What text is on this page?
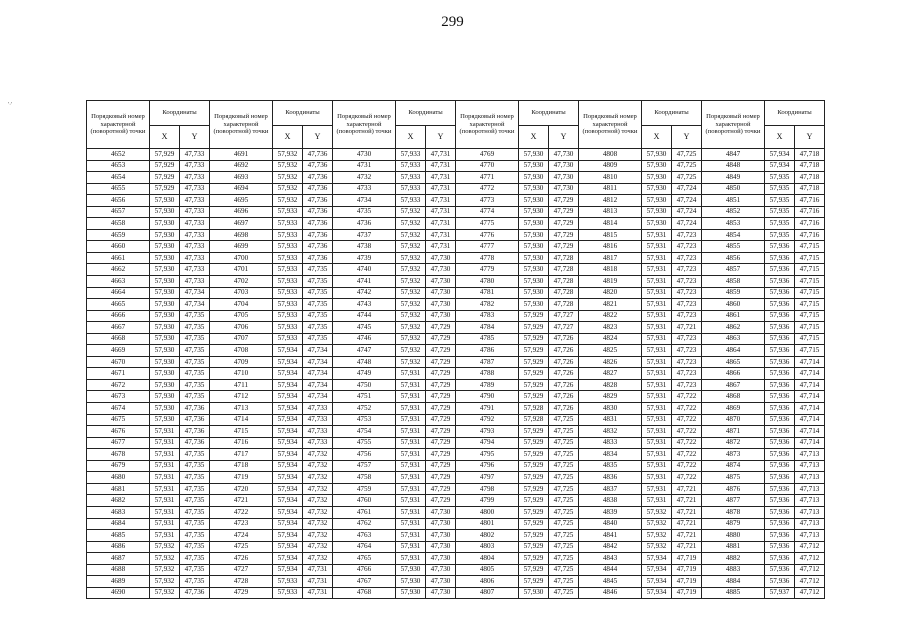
299
'·'
Порядковый номер характерной (поворотной) точки	Координаты		Порядковый номер характерной (поворотной) точки	Координаты		Порядковый номер характерной (поворотной) точки	Координаты		Порядковый номер характерной (поворотной) точки	Координаты		Порядковый номер характерной (поворотной) точки	Координаты		Порядковый номер характерной (поворотной) точки	Координаты	
	X	Y		X	Y		X	Y		X	Y		X	Y		X	Y
4652	57,929	47,733	4691	57,932	47,736	4730	57,933	47,731	4769	57,930	47,730	4808	57,930	47,725	4847	57,934	47,718
4653	57,929	47,733	4692	57,932	47,736	4731	57,933	47,731	4770	57,930	47,730	4809	57,930	47,725	4848	57,934	47,718
4654	57,929	47,733	4693	57,932	47,736	4732	57,933	47,731	4771	57,930	47,730	4810	57,930	47,725	4849	57,935	47,718
4655	57,929	47,733	4694	57,932	47,736	4733	57,933	47,731	4772	57,930	47,730	4811	57,930	47,724	4850	57,935	47,718
4656	57,930	47,733	4695	57,932	47,736	4734	57,933	47,731	4773	57,930	47,729	4812	57,930	47,724	4851	57,935	47,716
4657	57,930	47,733	4696	57,933	47,736	4735	57,932	47,731	4774	57,930	47,729	4813	57,930	47,724	4852	57,935	47,716
4658	57,930	47,733	4697	57,933	47,736	4736	57,932	47,731	4775	57,930	47,729	4814	57,930	47,724	4853	57,935	47,716
4659	57,930	47,733	4698	57,933	47,736	4737	57,932	47,731	4776	57,930	47,729	4815	57,931	47,723	4854	57,935	47,716
4660	57,930	47,733	4699	57,933	47,736	4738	57,932	47,731	4777	57,930	47,729	4816	57,931	47,723	4855	57,936	47,715
4661	57,930	47,733	4700	57,933	47,736	4739	57,932	47,730	4778	57,930	47,728	4817	57,931	47,723	4856	57,936	47,715
4662	57,930	47,733	4701	57,933	47,735	4740	57,932	47,730	4779	57,930	47,728	4818	57,931	47,723	4857	57,936	47,715
4663	57,930	47,733	4702	57,933	47,735	4741	57,932	47,730	4780	57,930	47,728	4819	57,931	47,723	4858	57,936	47,715
4664	57,930	47,734	4703	57,933	47,735	4742	57,932	47,730	4781	57,930	47,728	4820	57,931	47,723	4859	57,936	47,715
4665	57,930	47,734	4704	57,933	47,735	4743	57,932	47,730	4782	57,930	47,728	4821	57,931	47,723	4860	57,936	47,715
4666	57,930	47,735	4705	57,933	47,735	4744	57,932	47,730	4783	57,929	47,727	4822	57,931	47,723	4861	57,936	47,715
4667	57,930	47,735	4706	57,933	47,735	4745	57,932	47,729	4784	57,929	47,727	4823	57,931	47,721	4862	57,936	47,715
4668	57,930	47,735	4707	57,933	47,735	4746	57,932	47,729	4785	57,929	47,726	4824	57,931	47,723	4863	57,936	47,715
4669	57,930	47,735	4708	57,934	47,734	4747	57,932	47,729	4786	57,929	47,726	4825	57,931	47,723	4864	57,936	47,715
4670	57,930	47,735	4709	57,934	47,734	4748	57,932	47,729	4787	57,929	47,726	4826	57,931	47,723	4865	57,936	47,714
4671	57,930	47,735	4710	57,934	47,734	4749	57,931	47,729	4788	57,929	47,726	4827	57,931	47,723	4866	57,936	47,714
4672	57,930	47,735	4711	57,934	47,734	4750	57,931	47,729	4789	57,929	47,726	4828	57,931	47,723	4867	57,936	47,714
4673	57,930	47,735	4712	57,934	47,734	4751	57,931	47,729	4790	57,929	47,726	4829	57,931	47,722	4868	57,936	47,714
4674	57,930	47,736	4713	57,934	47,733	4752	57,931	47,729	4791	57,928	47,726	4830	57,931	47,722	4869	57,936	47,714
4675	57,930	47,736	4714	57,934	47,733	4753	57,931	47,729	4792	57,928	47,725	4831	57,931	47,722	4870	57,936	47,714
4676	57,931	47,736	4715	57,934	47,733	4754	57,931	47,729	4793	57,929	47,725	4832	57,931	47,722	4871	57,936	47,714
4677	57,931	47,736	4716	57,934	47,733	4755	57,931	47,729	4794	57,929	47,725	4833	57,931	47,722	4872	57,936	47,714
4678	57,931	47,735	4717	57,934	47,732	4756	57,931	47,729	4795	57,929	47,725	4834	57,931	47,722	4873	57,936	47,713
4679	57,931	47,735	4718	57,934	47,732	4757	57,931	47,729	4796	57,929	47,725	4835	57,931	47,722	4874	57,936	47,713
4680	57,931	47,735	4719	57,934	47,732	4758	57,931	47,729	4797	57,929	47,725	4836	57,931	47,722	4875	57,936	47,713
4681	57,931	47,735	4720	57,934	47,732	4759	57,931	47,729	4798	57,929	47,725	4837	57,931	47,721	4876	57,936	47,713
4682	57,931	47,735	4721	57,934	47,732	4760	57,931	47,729	4799	57,929	47,725	4838	57,931	47,721	4877	57,936	47,713
4683	57,931	47,735	4722	57,934	47,732	4761	57,931	47,730	4800	57,929	47,725	4839	57,932	47,721	4878	57,936	47,713
4684	57,931	47,735	4723	57,934	47,732	4762	57,931	47,730	4801	57,929	47,725	4840	57,932	47,721	4879	57,936	47,713
4685	57,931	47,735	4724	57,934	47,732	4763	57,931	47,730	4802	57,929	47,725	4841	57,932	47,721	4880	57,936	47,713
4686	57,932	47,735	4725	57,934	47,732	4764	57,931	47,730	4803	57,929	47,725	4842	57,932	47,721	4881	57,936	47,712
4687	57,932	47,735	4726	57,934	47,732	4765	57,931	47,730	4804	57,929	47,725	4843	57,934	47,719	4882	57,936	47,712
4688	57,932	47,735	4727	57,934	47,731	4766	57,930	47,730	4805	57,929	47,725	4844	57,934	47,719	4883	57,936	47,712
4689	57,932	47,735	4728	57,933	47,731	4767	57,930	47,730	4806	57,929	47,725	4845	57,934	47,719	4884	57,936	47,712
4690	57,932	47,736	4729	57,933	47,731	4768	57,930	47,730	4807	57,930	47,725	4846	57,934	47,719	4885	57,937	47,712
